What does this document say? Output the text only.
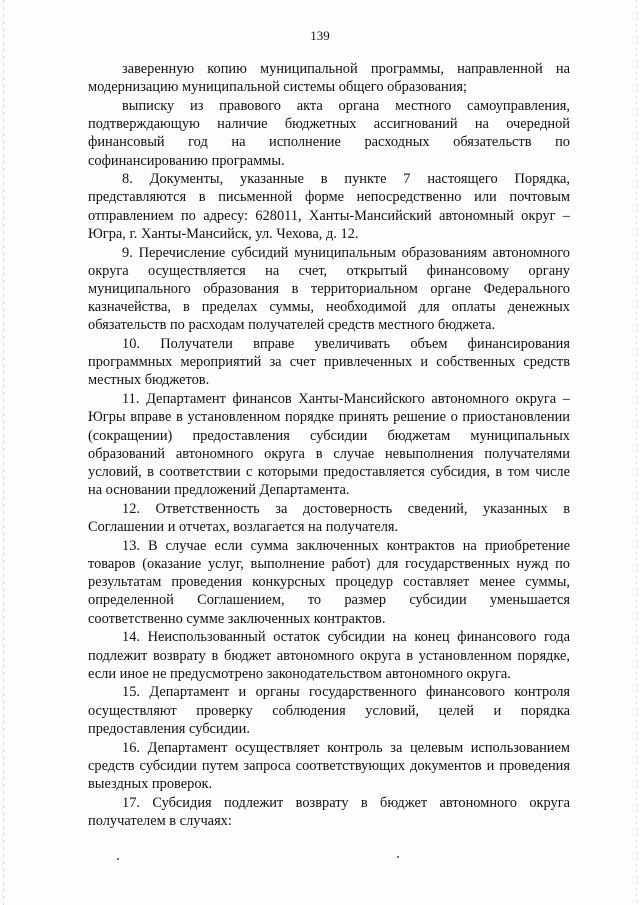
139

заверенную копию муниципальной программы, направленной на модернизацию муниципальной системы общего образования;

выписку из правового акта органа местного самоуправления, подтверждающую наличие бюджетных ассигнований на очередной финансовый год на исполнение расходных обязательств по софинансированию программы.

8. Документы, указанные в пункте 7 настоящего Порядка, представляются в письменной форме непосредственно или почтовым отправлением по адресу: 628011, Ханты-Мансийский автономный округ – Югра, г. Ханты-Мансийск, ул. Чехова, д. 12.

9. Перечисление субсидий муниципальным образованиям автономного округа осуществляется на счет, открытый финансовому органу муниципального образования в территориальном органе Федерального казначейства, в пределах суммы, необходимой для оплаты денежных обязательств по расходам получателей средств местного бюджета.

10. Получатели вправе увеличивать объем финансирования программных мероприятий за счет привлеченных и собственных средств местных бюджетов.

11. Департамент финансов Ханты-Мансийского автономного округа – Югры вправе в установленном порядке принять решение о приостановлении (сокращении) предоставления субсидии бюджетам муниципальных образований автономного округа в случае невыполнения получателями условий, в соответствии с которыми предоставляется субсидия, в том числе на основании предложений Департамента.

12. Ответственность за достоверность сведений, указанных в Соглашении и отчетах, возлагается на получателя.

13. В случае если сумма заключенных контрактов на приобретение товаров (оказание услуг, выполнение работ) для государственных нужд по результатам проведения конкурсных процедур составляет менее суммы, определенной Соглашением, то размер субсидии уменьшается соответственно сумме заключенных контрактов.

14. Неиспользованный остаток субсидии на конец финансового года подлежит возврату в бюджет автономного округа в установленном порядке, если иное не предусмотрено законодательством автономного округа.

15. Департамент и органы государственного финансового контроля осуществляют проверку соблюдения условий, целей и порядка предоставления субсидии.

16. Департамент осуществляет контроль за целевым использованием средств субсидии путем запроса соответствующих документов и проведения выездных проверок.

17. Субсидия подлежит возврату в бюджет автономного округа получателем в случаях:
